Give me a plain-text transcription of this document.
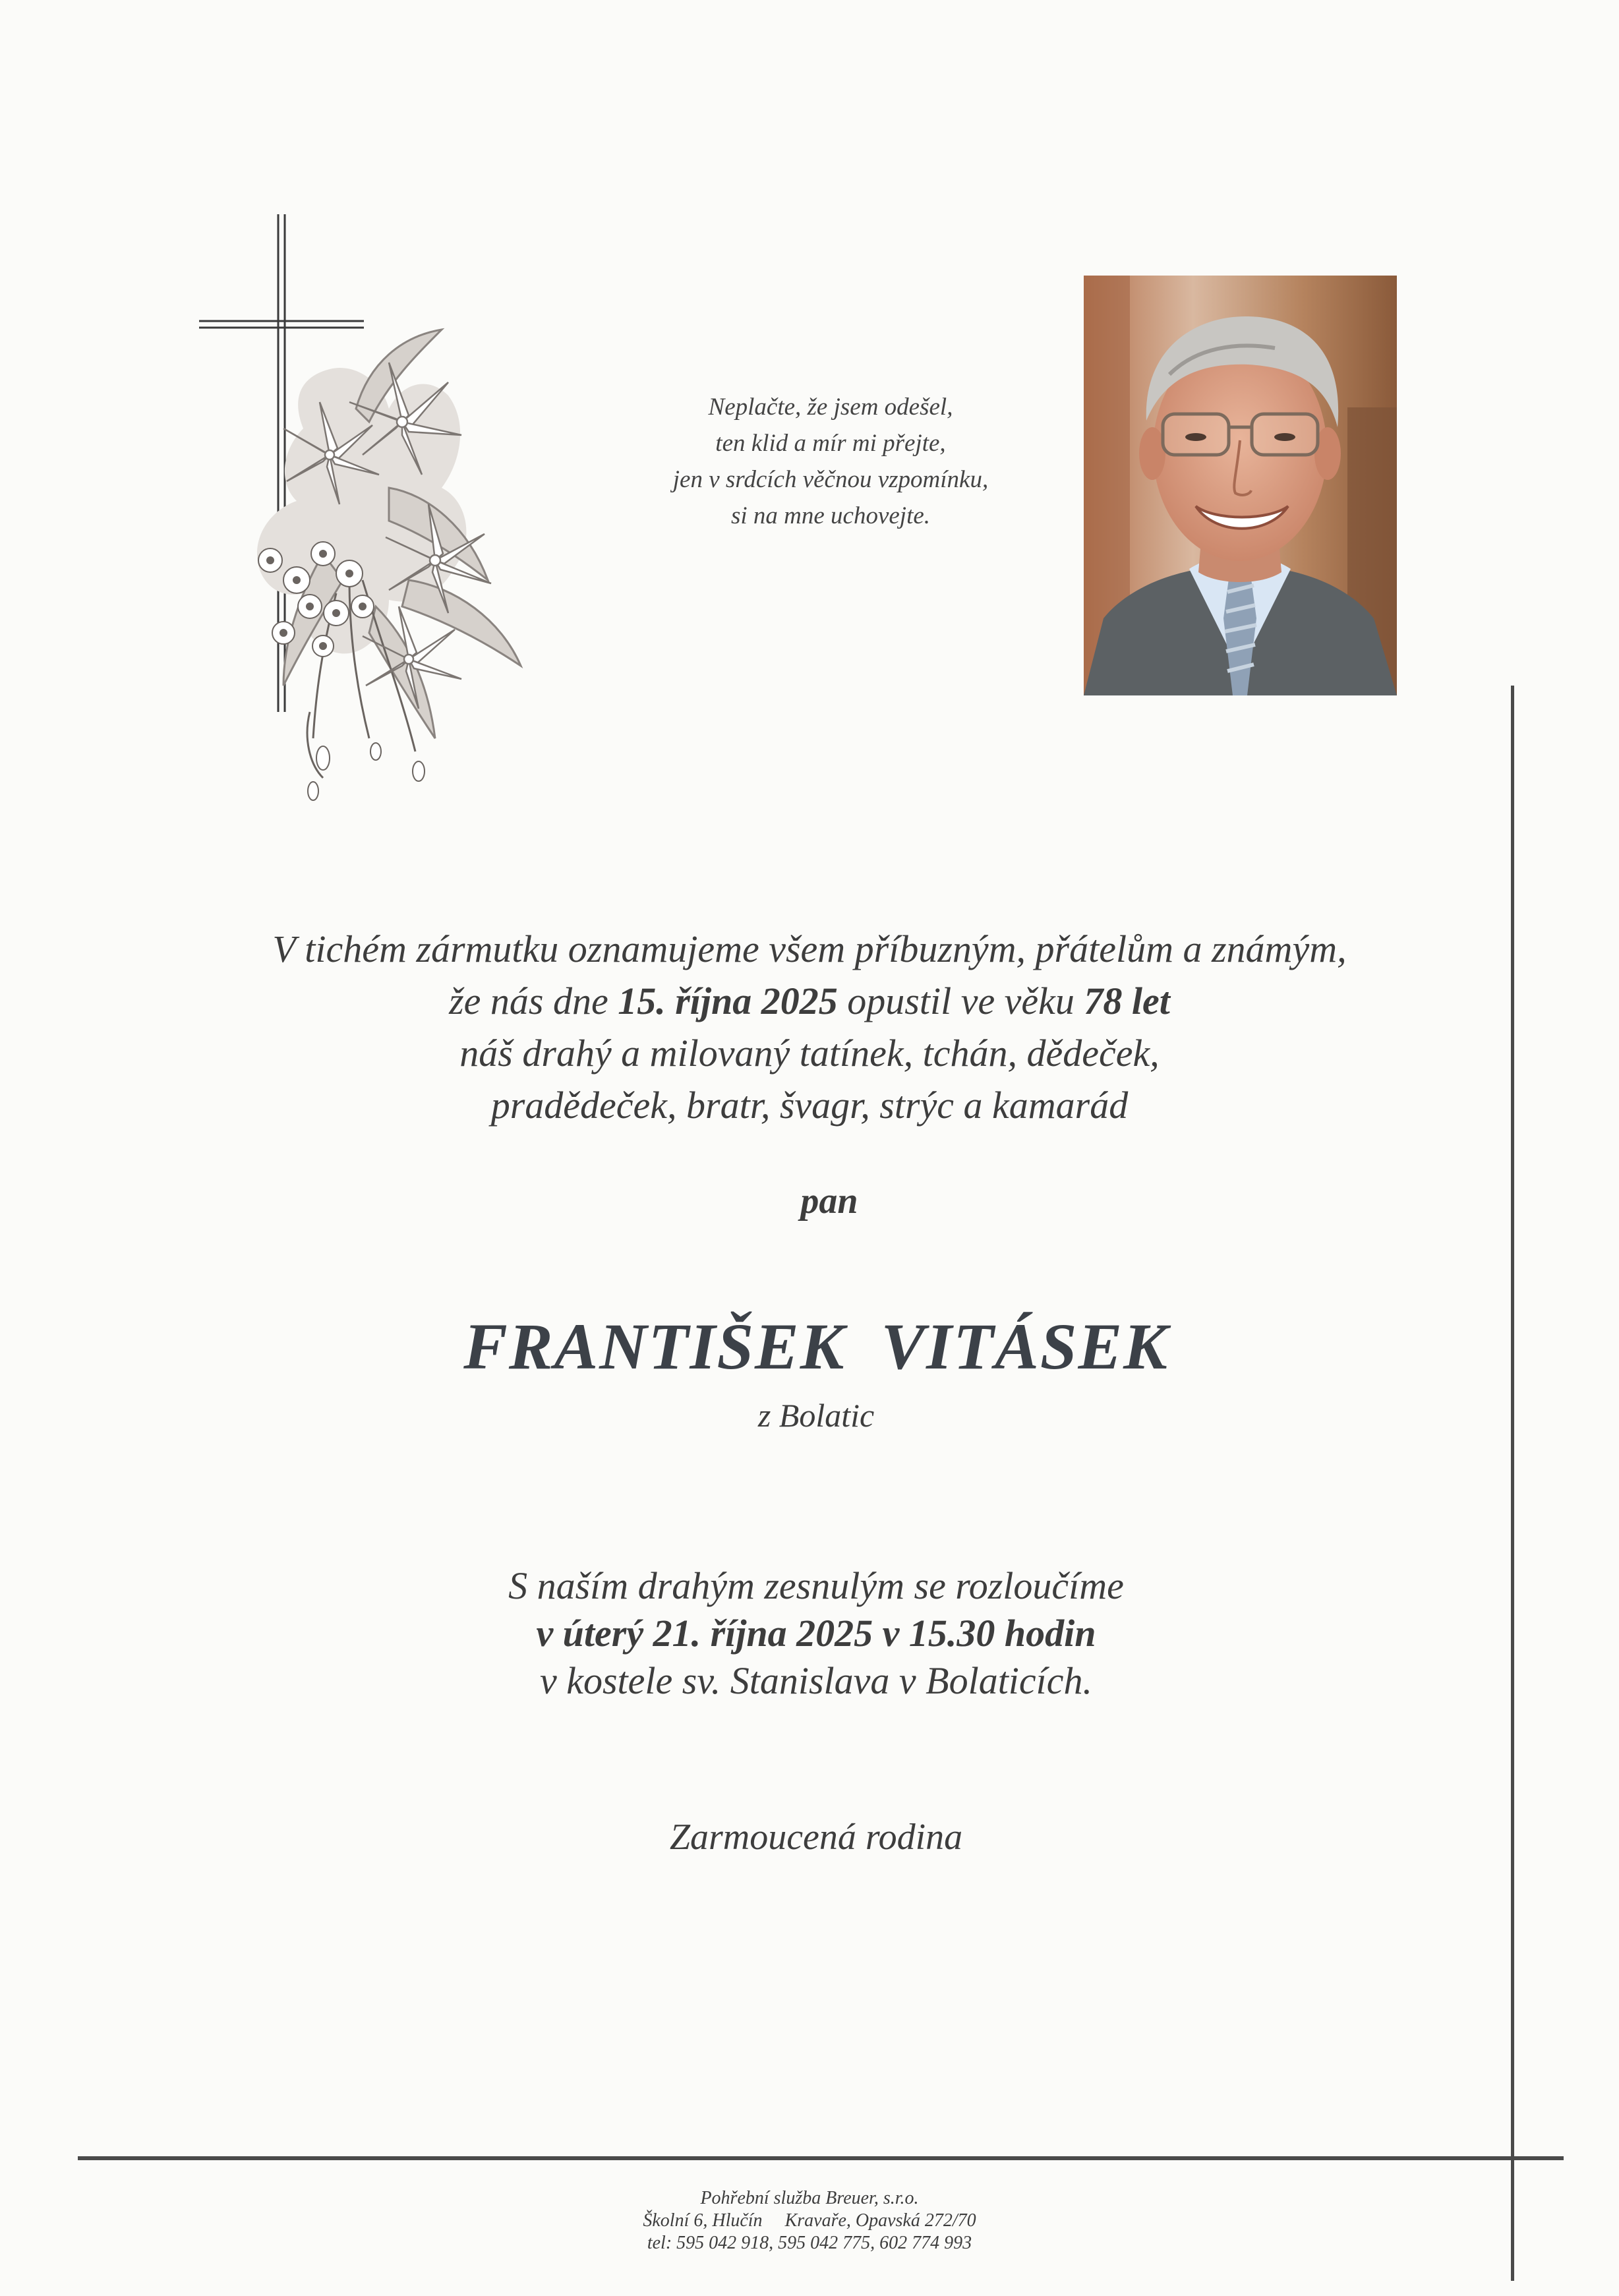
Neplačte, že jsem odešel,
ten klid a mír mi přejte,
jen v srdcích věčnou vzpomínku,
si na mne uchovejte.
V tichém zármutku oznamujeme všem příbuzným, přátelům a známým,
že nás dne 15. října 2025 opustil ve věku 78 let
náš drahý a milovaný tatínek, tchán, dědeček,
pradědeček, bratr, švagr, strýc a kamarád
pan
FRANTIŠEK VITÁSEK
z Bolatic
S naším drahým zesnulým se rozloučíme
v úterý 21. října 2025 v 15.30 hodin
v kostele sv. Stanislava v Bolaticích.
Zarmoucená rodina
Pohřební služba Breuer, s.r.o.
Školní 6, Hlučín Kravaře, Opavská 272/70
tel: 595 042 918, 595 042 775, 602 774 993
